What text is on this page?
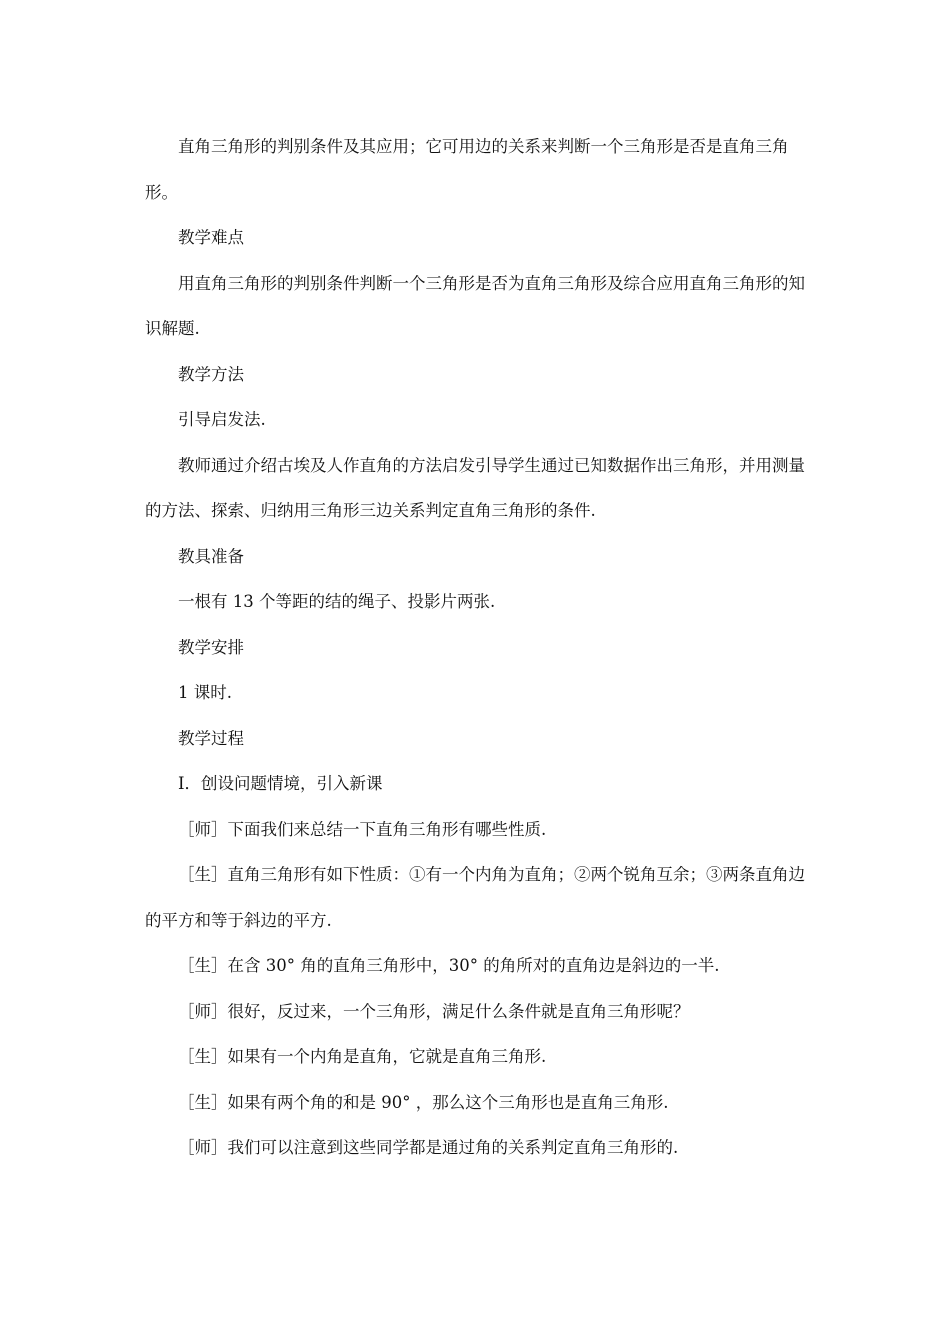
直角三角形的判别条件及其应用；它可用边的关系来判断一个三角形是否是直角三角形。

教学难点

用直角三角形的判别条件判断一个三角形是否为直角三角形及综合应用直角三角形的知识解题.

教学方法

引导启发法.

教师通过介绍古埃及人作直角的方法启发引导学生通过已知数据作出三角形，并用测量的方法、探索、归纳用三角形三边关系判定直角三角形的条件.

教具准备

一根有 13 个等距的结的绳子、投影片两张.

教学安排

1 课时.

教学过程

Ⅰ．创设问题情境，引入新课

［师］下面我们来总结一下直角三角形有哪些性质.

［生］直角三角形有如下性质：①有一个内角为直角；②两个锐角互余；③两条直角边的平方和等于斜边的平方.

［生］在含 30° 角的直角三角形中，30° 的角所对的直角边是斜边的一半.

［师］很好，反过来，一个三角形，满足什么条件就是直角三角形呢？

［生］如果有一个内角是直角，它就是直角三角形.

［生］如果有两个角的和是 90° ，那么这个三角形也是直角三角形.

［师］我们可以注意到这些同学都是通过角的关系判定直角三角形的.
